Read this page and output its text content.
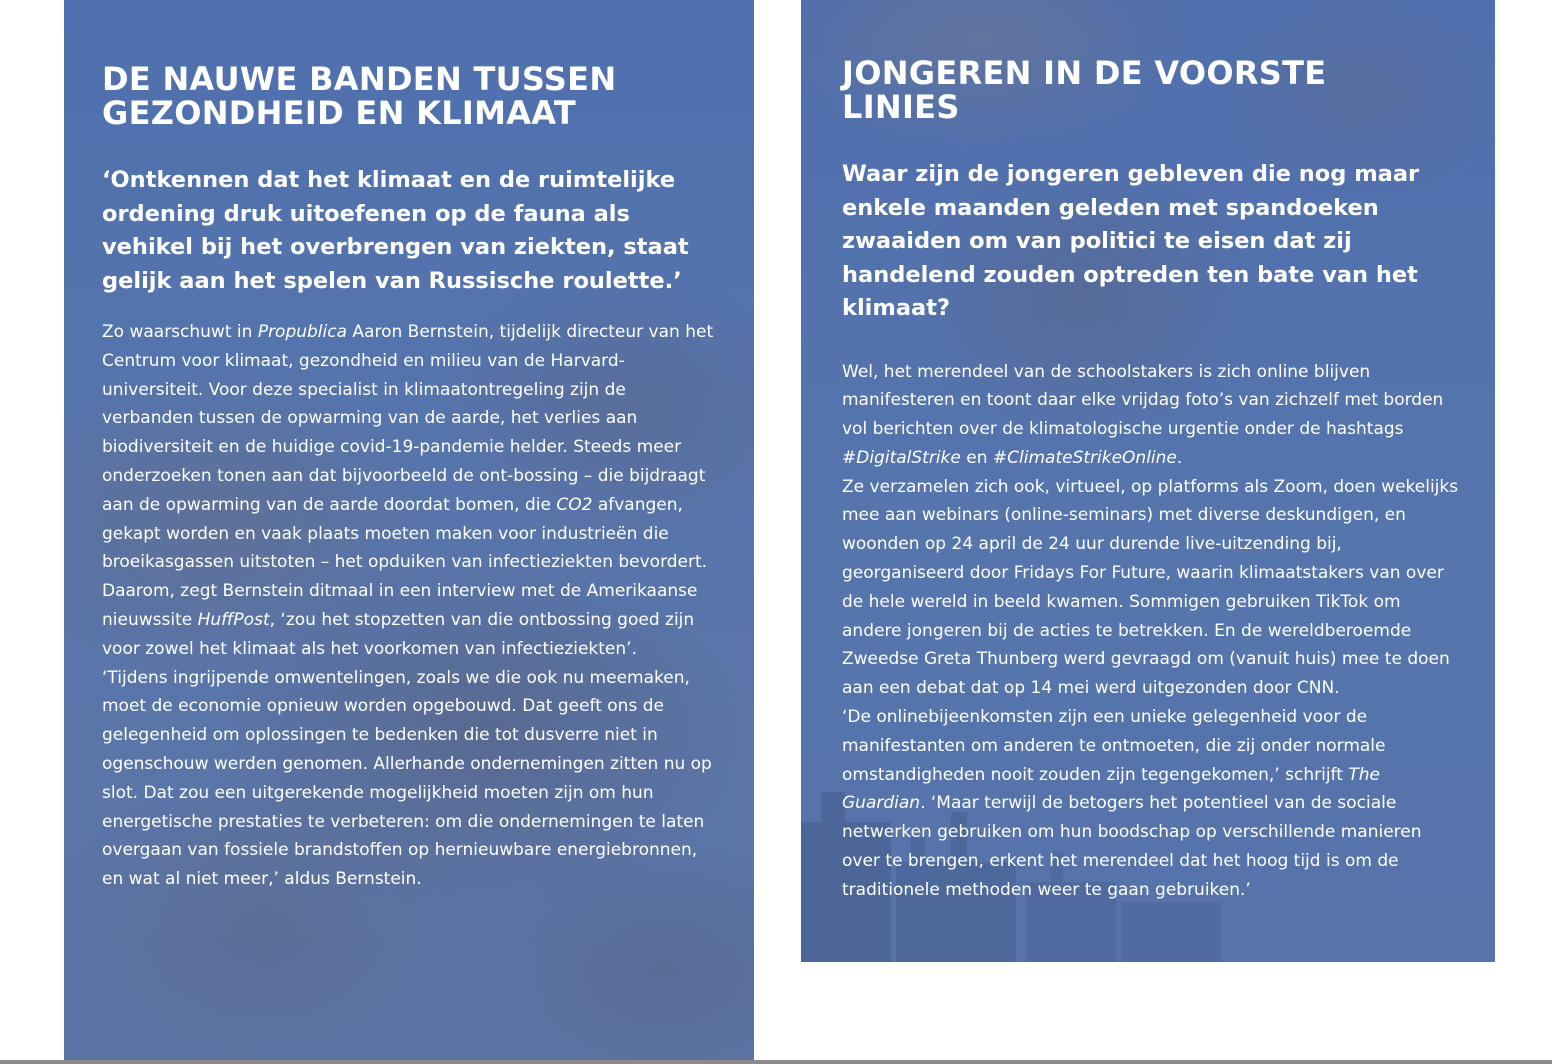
DE NAUWE BANDEN TUSSEN
GEZONDHEID EN KLIMAAT

‘Ontkennen dat het klimaat en de ruimtelijke ordening druk uitoefenen op de fauna als vehikel bij het overbrengen van ziekten, staat gelijk aan het spelen van Russische roulette.’

Zo waarschuwt in Propublica Aaron Bernstein, tijdelijk directeur van het Centrum voor klimaat, gezondheid en milieu van de Harvard-universiteit. Voor deze specialist in klimaatontregeling zijn de verbanden tussen de opwarming van de aarde, het verlies aan biodiversiteit en de huidige covid-19-pandemie helder. Steeds meer onderzoeken tonen aan dat bijvoorbeeld de ont-bossing – die bijdraagt aan de opwarming van de aarde doordat bomen, die CO2 afvangen, gekapt worden en vaak plaats moeten maken voor industrieën die broeikasgassen uitstoten – het opduiken van infectieziekten bevordert.

Daarom, zegt Bernstein ditmaal in een interview met de Amerikaanse nieuwssite HuffPost, ‘zou het stopzetten van die ontbossing goed zijn voor zowel het klimaat als het voorkomen van infectieziekten’.

‘Tijdens ingrijpende omwentelingen, zoals we die ook nu meemaken, moet de economie opnieuw worden opgebouwd. Dat geeft ons de gelegenheid om oplossingen te bedenken die tot dusverre niet in ogenschouw werden genomen. Allerhande ondernemingen zitten nu op slot. Dat zou een uitgerekende mogelijkheid moeten zijn om hun energetische prestaties te verbeteren: om die ondernemingen te laten overgaan van fossiele brandstoffen op hernieuwbare energiebronnen, en wat al niet meer,’ aldus Bernstein.

JONGEREN IN DE VOORSTE
LINIES

Waar zijn de jongeren gebleven die nog maar enkele maanden geleden met spandoeken zwaaiden om van politici te eisen dat zij handelend zouden optreden ten bate van het klimaat?

Wel, het merendeel van de schoolstakers is zich online blijven manifesteren en toont daar elke vrijdag foto’s van zichzelf met borden vol berichten over de klimatologische urgentie onder de hashtags #DigitalStrike en #ClimateStrikeOnline.

Ze verzamelen zich ook, virtueel, op platforms als Zoom, doen wekelijks mee aan webinars (online-seminars) met diverse deskundigen, en woonden op 24 april de 24 uur durende live-uitzending bij, georganiseerd door Fridays For Future, waarin klimaatstakers van over de hele wereld in beeld kwamen. Sommigen gebruiken TikTok om andere jongeren bij de acties te betrekken. En de wereldberoemde Zweedse Greta Thunberg werd gevraagd om (vanuit huis) mee te doen aan een debat dat op 14 mei werd uitgezonden door CNN.

‘De onlinebijeenkomsten zijn een unieke gelegenheid voor de manifestanten om anderen te ontmoeten, die zij onder normale omstandigheden nooit zouden zijn tegengekomen,’ schrijft The Guardian. ‘Maar terwijl de betogers het potentieel van de sociale netwerken gebruiken om hun boodschap op verschillende manieren over te brengen, erkent het merendeel dat het hoog tijd is om de traditionele methoden weer te gaan gebruiken.’
